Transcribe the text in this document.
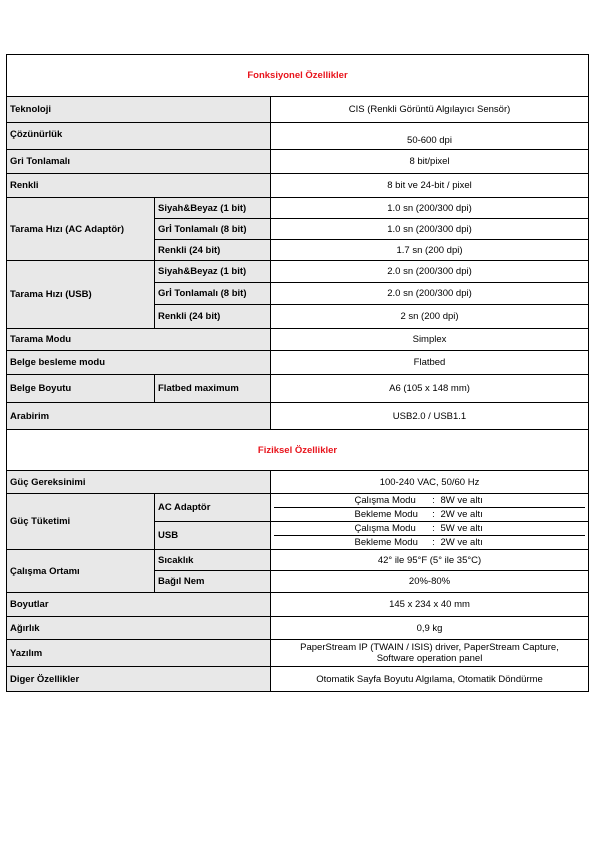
Fonksiyonel Özellikler		
Teknoloji		CIS (Renkli Görüntü Algılayıcı Sensör)
Çözünürlük		50-600 dpi
Gri Tonlamalı		8 bit/pixel
Renkli		8 bit ve 24-bit / pixel
Tarama Hızı (AC Adaptör)	Siyah&Beyaz (1 bit)	1.0 sn (200/300 dpi)
	Grİ Tonlamalı (8 bit)	1.0 sn (200/300 dpi)
	Renkli (24 bit)	1.7 sn (200 dpi)
Tarama Hızı (USB)	Siyah&Beyaz (1 bit)	2.0 sn (200/300 dpi)
	Grİ Tonlamalı (8 bit)	2.0 sn (200/300 dpi)
	Renkli (24 bit)	2 sn (200 dpi)
Tarama Modu		Simplex
Belge besleme modu		Flatbed
Belge Boyutu	Flatbed maximum	A6 (105 x 148 mm)
Arabirim		USB2.0 / USB1.1
Fiziksel Özellikler		
Güç Gereksinimi		100-240 VAC, 50/60 Hz
Güç Tüketimi	AC Adaptör	Çalışma Modu : 8W ve altı
Bekleme Modu : 2W ve altı

	USB	Çalışma Modu : 5W ve altı
Bekleme Modu : 2W ve altı

Çalışma Ortamı	Sıcaklık	42° ile 95°F (5° ile 35°C)
	Bağıl Nem	20%-80%
Boyutlar		145 x 234 x 40 mm
Ağırlık		0,9 kg
Yazılım		PaperStream IP (TWAIN / ISIS) driver, PaperStream Capture,
Software operation panel

Diger Özellikler		Otomatik Sayfa Boyutu Algılama, Otomatik Döndürme
